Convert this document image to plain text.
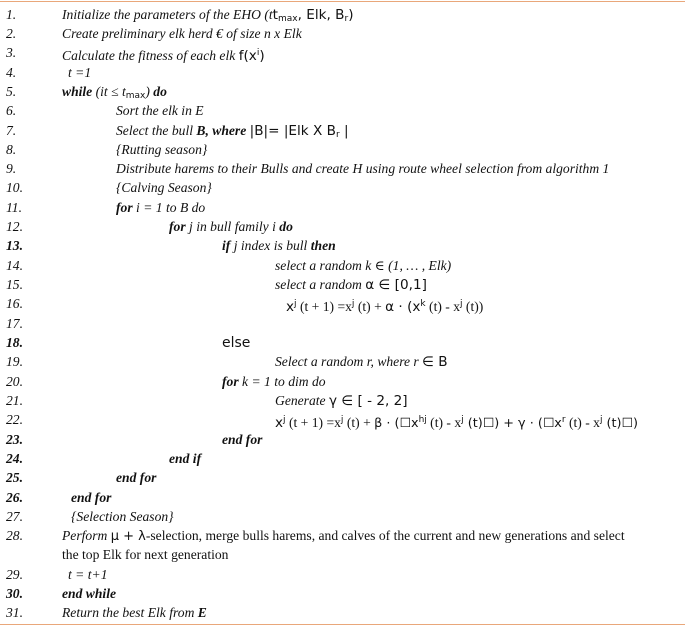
1.	Initialize the parameters of the EHO ($tt_{max}$, Elk, $B_r$)
2.	Create preliminary elk herd € of size n x Elk
3.	Calculate the fitness of each elk $f(x^i)$
4.	t =1
5.	while $(it \le t_{max})$ do
6.	Sort the elk in E
7.	Select the bull B, where |B|= |Elk X $B_r$ |
8.	{Rutting season}
9.	Distribute harems to their Bulls and create H using route wheel selection from algorithm 1
10.	{Calving Season}
11.	for i = 1 to B do
12.	for j in bull family i do
13.	if j index is bull then
14.	select a random k ∈ (1, … , Elk)
15.	select a random α ∈ [0,1]
16.	$x^j$ $(t + 1) =x^j$ $(t) + \alpha \cdot (x^k$ $(t) - x^j$ (t))
17.
18.	else
19.	Select a random r, where r ∈ B
20.	for k = 1 to dim do
21.	Generate γ ∈ [ - 2, 2]
22.	$x^j$ $(t + 1) =x^j$ $(t) + \beta \cdot (☐x^{hj}$ $(t) - x^j$ (t)☐) + $\gamma \cdot (☐x^r$ $(t) - x^j$ (t)☐)
23.	end for
24.	end if
25.	end for
26.	end for
27.	{Selection Season}
28.	Perform μ + λ-selection, merge bulls harems, and calves of the current and new generations and select
the top Elk for next generation
29.	t = t+1
30.	end while
31.	Return the best Elk from E
